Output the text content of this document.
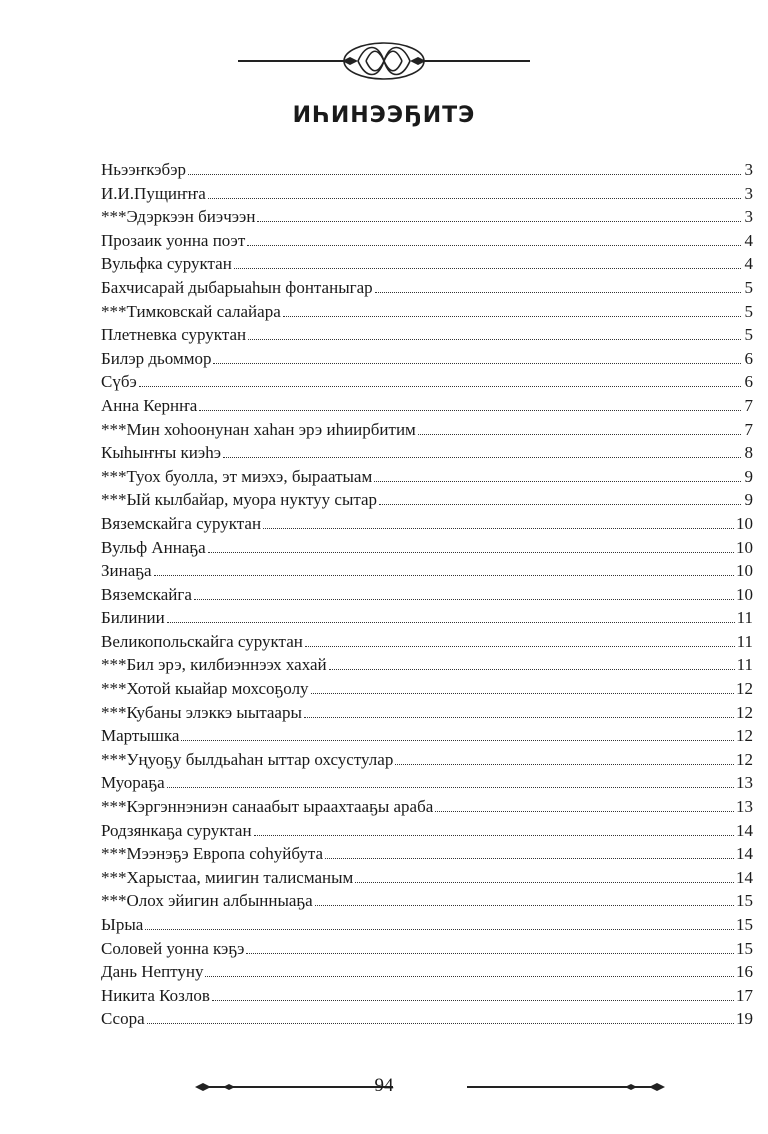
ИҺИНЭЭҔИТЭ
Ньээҥкэбэр	3
И.И.Пущиҥҥа	3
***Эдэркээн биэчээн	3
Прозаик уонна поэт	4
Вульфка суруктан	4
Бахчисарай дыбарыаһын фонтаныгар	5
***Тимковскай салайара	5
Плетневка суруктан	5
Билэр дьоммор	6
Сүбэ	6
Анна Кернҥа	7
***Мин хоһоонунан хаһан эрэ иһиирбитим	7
Кыһыҥҥы киэһэ	8
***Туох буолла, эт миэхэ, быраатыам	9
***Ый кылбайар, муора нуктуу сытар	9
Вяземскайга суруктан	10
Вульф Аннаҕа	10
Зинаҕа	10
Вяземскайга	10
Билинии	11
Великопольскайга суруктан	11
***Бил эрэ, килбиэннээх хахай	11
***Хотой кыайар мохсоҕолу	12
***Кубаны элэккэ ыытаары	12
Мартышка	12
***Уңуоҕу былдьаһан ыттар охсустулар	12
Муораҕа	13
***Кэргэннэниэн санаабыт ыраахтааҕы араба	13
Родзянкаҕа суруктан	14
***Мээнэҕэ Европа соһуйбута	14
***Харыстаа, миигин талисманым	14
***Олох эйигин албынныаҕа	15
Ырыа	15
Соловей уонна кэҕэ	15
Дань Нептуну	16
Никита Козлов	17
Ссора	19
94
